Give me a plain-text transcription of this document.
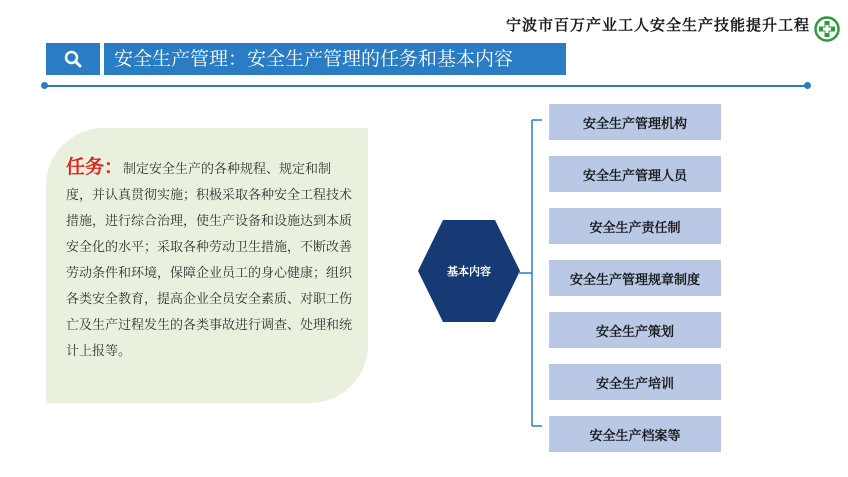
宁波市百万产业工人安全生产技能提升工程
安全生产管理：安全生产管理的任务和基本内容

任务：制定安全生产的各种规程、规定和制度，并认真贯彻实施；积极采取各种安全工程技术措施，进行综合治理，使生产设备和设施达到本质安全化的水平；采取各种劳动卫生措施，不断改善劳动条件和环境，保障企业员工的身心健康；组织各类安全教育，提高企业全员安全素质、对职工伤亡及生产过程发生的各类事故进行调查、处理和统计上报等。

基本内容
安全生产管理机构
安全生产管理人员
安全生产责任制
安全生产管理规章制度
安全生产策划
安全生产培训
安全生产档案等
